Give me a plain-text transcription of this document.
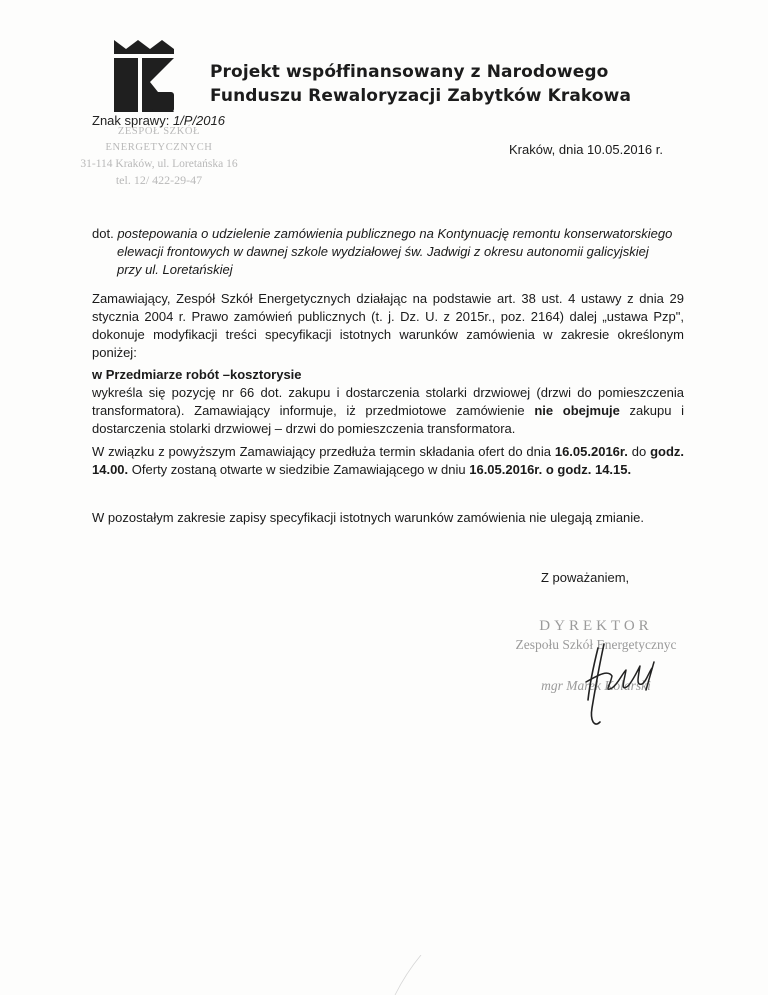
Projekt współfinansowany z Narodowego
Funduszu Rewaloryzacji Zabytków Krakowa
Znak sprawy: 1/P/2016
ZESPÓŁ SZKÓŁ ENERGETYCZNYCH
31-114 Kraków, ul. Loretańska 16
tel. 12/ 422-29-47
Kraków, dnia 10.05.2016 r.
dot. postepowania o udzielenie zamówienia publicznego na Kontynuację remontu konserwatorskiego
elewacji frontowych w dawnej szkole wydziałowej św. Jadwigi z okresu autonomii galicyjskiej
przy ul. Loretańskiej
Zamawiający, Zespół Szkół Energetycznych działając na podstawie art. 38 ust. 4 ustawy z dnia 29 stycznia 2004 r. Prawo zamówień publicznych (t. j. Dz. U. z 2015r., poz. 2164) dalej „ustawa Pzp", dokonuje modyfikacji treści specyfikacji istotnych warunków zamówienia w zakresie określonym poniżej:
w Przedmiarze robót –kosztorysie
wykreśla się pozycję nr 66 dot. zakupu i dostarczenia stolarki drzwiowej (drzwi do pomieszczenia transformatora). Zamawiający informuje, iż przedmiotowe zamówienie nie obejmuje zakupu i dostarczenia stolarki drzwiowej – drzwi do pomieszczenia transformatora.
W związku z powyższym Zamawiający przedłuża termin składania ofert do dnia 16.05.2016r. do godz. 14.00. Oferty zostaną otwarte w siedzibie Zamawiającego w dniu 16.05.2016r. o godz. 14.15.
W pozostałym zakresie zapisy specyfikacji istotnych warunków zamówienia nie ulegają zmianie.
Z poważaniem,
DYREKTOR
Zespołu Szkół Energetycznyc
mgr Marek Kolarski
